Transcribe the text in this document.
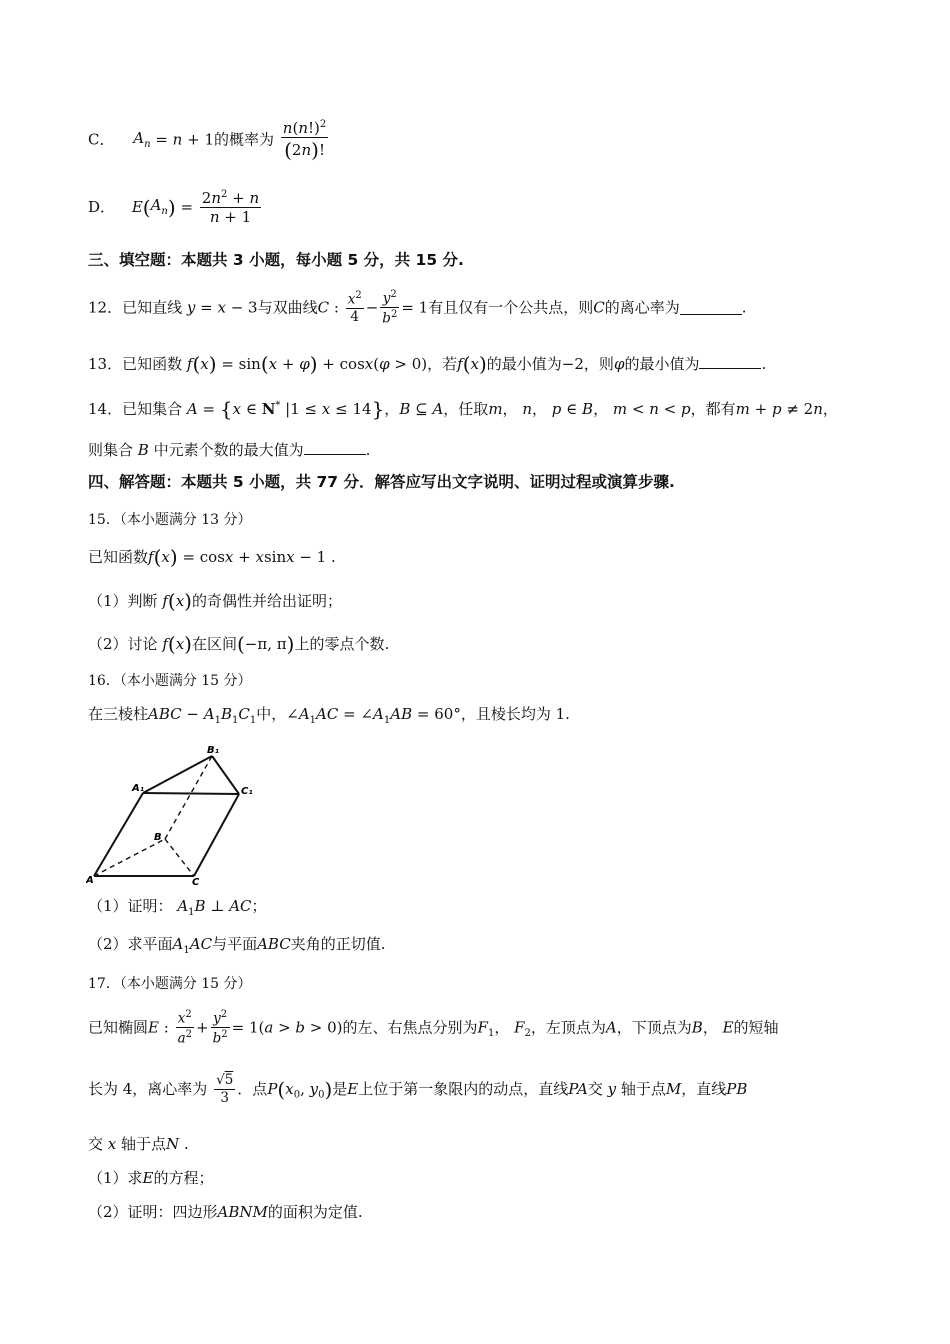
C． $A_n = n + 1$的概率为 $\frac{n(n!)^2}{(2n)!}$
D． $E(A_n) = \frac{2n^2 + n}{n + 1}$
三、填空题：本题共 3 小题，每小题 5 分，共 15 分.
12．已知直线 y = x − 3与双曲线C : $\frac{x^2}{4} - \frac{y^2}{b^2} = 1$有且仅有一个公共点，则C的离心率为	.
13．已知函数 f(x) = sin(x + φ) + cosx(φ > 0)，若f(x)的最小值为−2，则φ的最小值为	.
14．已知集合 A = {x ∈ N* |1 ≤ x ≤ 14}，B ⊆ A，任取m， n， p ∈ B， m < n < p，都有m + p ≠ 2n，
则集合 B 中元素个数的最大值为	.
四、解答题：本题共 5 小题，共 77 分．解答应写出文字说明、证明过程或演算步骤.
15．（本小题满分 13 分）
已知函数f(x) = cosx + xsinx − 1 .
（1）判断 f(x)的奇偶性并给出证明；
（2）讨论 f(x)在区间(−π, π)上的零点个数.
16．（本小题满分 15 分）
在三棱柱ABC − $A_1B_1C_1$中，$\angle A_1AC$ = $\angle A_1AB = 60^\circ$，且棱长均为 1.
B₁
A₁	C₁
B
A	C
（1）证明： $A_1B$ ⊥ AC；
（2）求平面$A_1AC$与平面ABC夹角的正切值.
17．（本小题满分 15 分）
已知椭圆E : $\frac{x^2}{a^2} + \frac{y^2}{b^2} = 1(a > b > 0)$的左、右焦点分别为$F_1$， $F_2$，左顶点为A，下顶点为B， E的短轴
长为 4，离心率为 $\frac{√5}{3}$ ．点$P(x_0$, $y_0$)是E上位于第一象限内的动点，直线PA交 y 轴于点M，直线PB
交 x 轴于点N .
（1）求E的方程；
（2）证明：四边形ABNM的面积为定值.
